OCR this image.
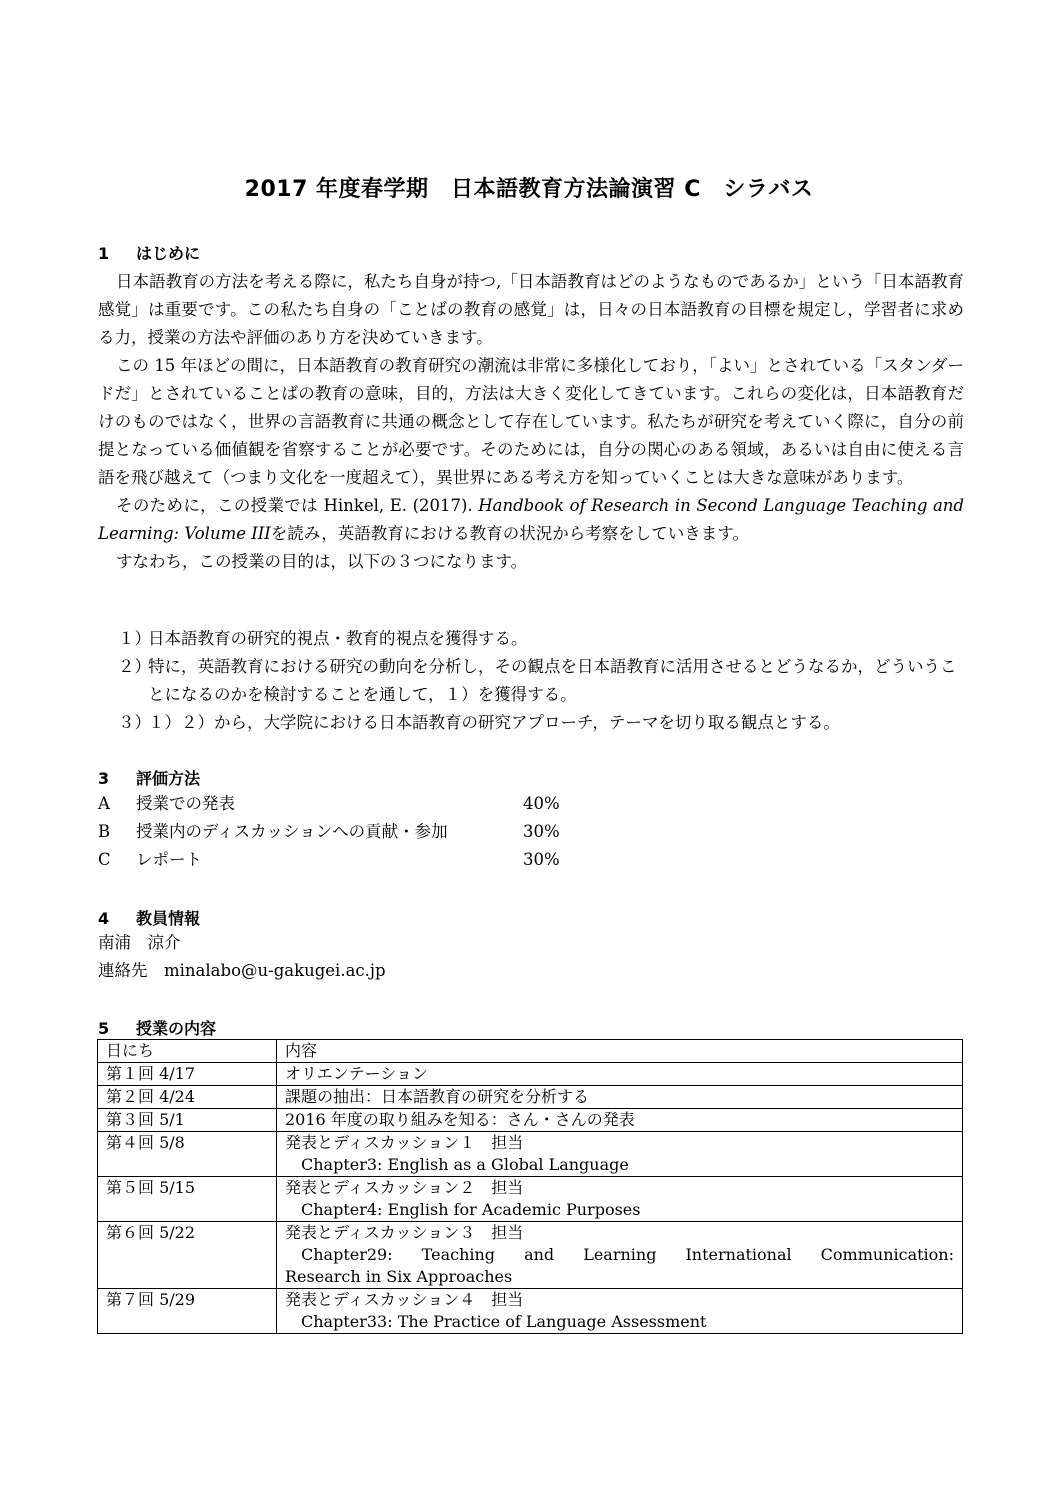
2017 年度春学期　日本語教育方法論演習 C　シラバス
1 はじめに

日本語教育の方法を考える際に，私たち自身が持つ,「日本語教育はどのようなものであるか」という「日本語教育感覚」は重要です。この私たち自身の「ことばの教育の感覚」は，日々の日本語教育の目標を規定し，学習者に求める力，授業の方法や評価のあり方を決めていきます。

この 15 年ほどの間に，日本語教育の教育研究の潮流は非常に多様化しており，「よい」とされている「スタンダードだ」とされていることばの教育の意味，目的，方法は大きく変化してきています。これらの変化は，日本語教育だけのものではなく，世界の言語教育に共通の概念として存在しています。私たちが研究を考えていく際に，自分の前提となっている価値観を省察することが必要です。そのためには，自分の関心のある領域，あるいは自由に使える言語を飛び越えて（つまり文化を一度超えて），異世界にある考え方を知っていくことは大きな意味があります。

そのために，この授業では Hinkel, E. (2017). Handbook of Research in Second Language Teaching and Learning: Volume IIIを読み，英語教育における教育の状況から考察をしていきます。

すなわち，この授業の目的は，以下の３つになります。

１）
日本語教育の研究的視点・教育的視点を獲得する。
２）
特に，英語教育における研究の動向を分析し，その観点を日本語教育に活用させるとどうなるか，どういうことになるのかを検討することを通して，１）を獲得する。
３）
１）２）から，大学院における日本語教育の研究アプローチ，テーマを切り取る観点とする。
3 評価方法
A 授業での発表	40%
B 授業内のディスカッションへの貢献・参加	30%
C レポート	30%
4 教員情報
南浦　涼介
連絡先　 minalabo@u-gakugei.ac.jp
5 授業の内容
日にち	内容
第１回 4/17	オリエンテーション

第２回 4/24	課題の抽出：日本語教育の研究を分析する

第３回 5/1	2016 年度の取り組みを知る：さん・さんの発表

第４回 5/8	発表とディスカッション１　担当
Chapter3: English as a Global Language

第５回 5/15	発表とディスカッション２　担当
Chapter4: English for Academic Purposes

第６回 5/22	発表とディスカッション３　担当
Chapter29: Teaching and Learning International Communication:
Research in Six Approaches

第７回 5/29	発表とディスカッション４　担当
Chapter33: The Practice of Language Assessment
